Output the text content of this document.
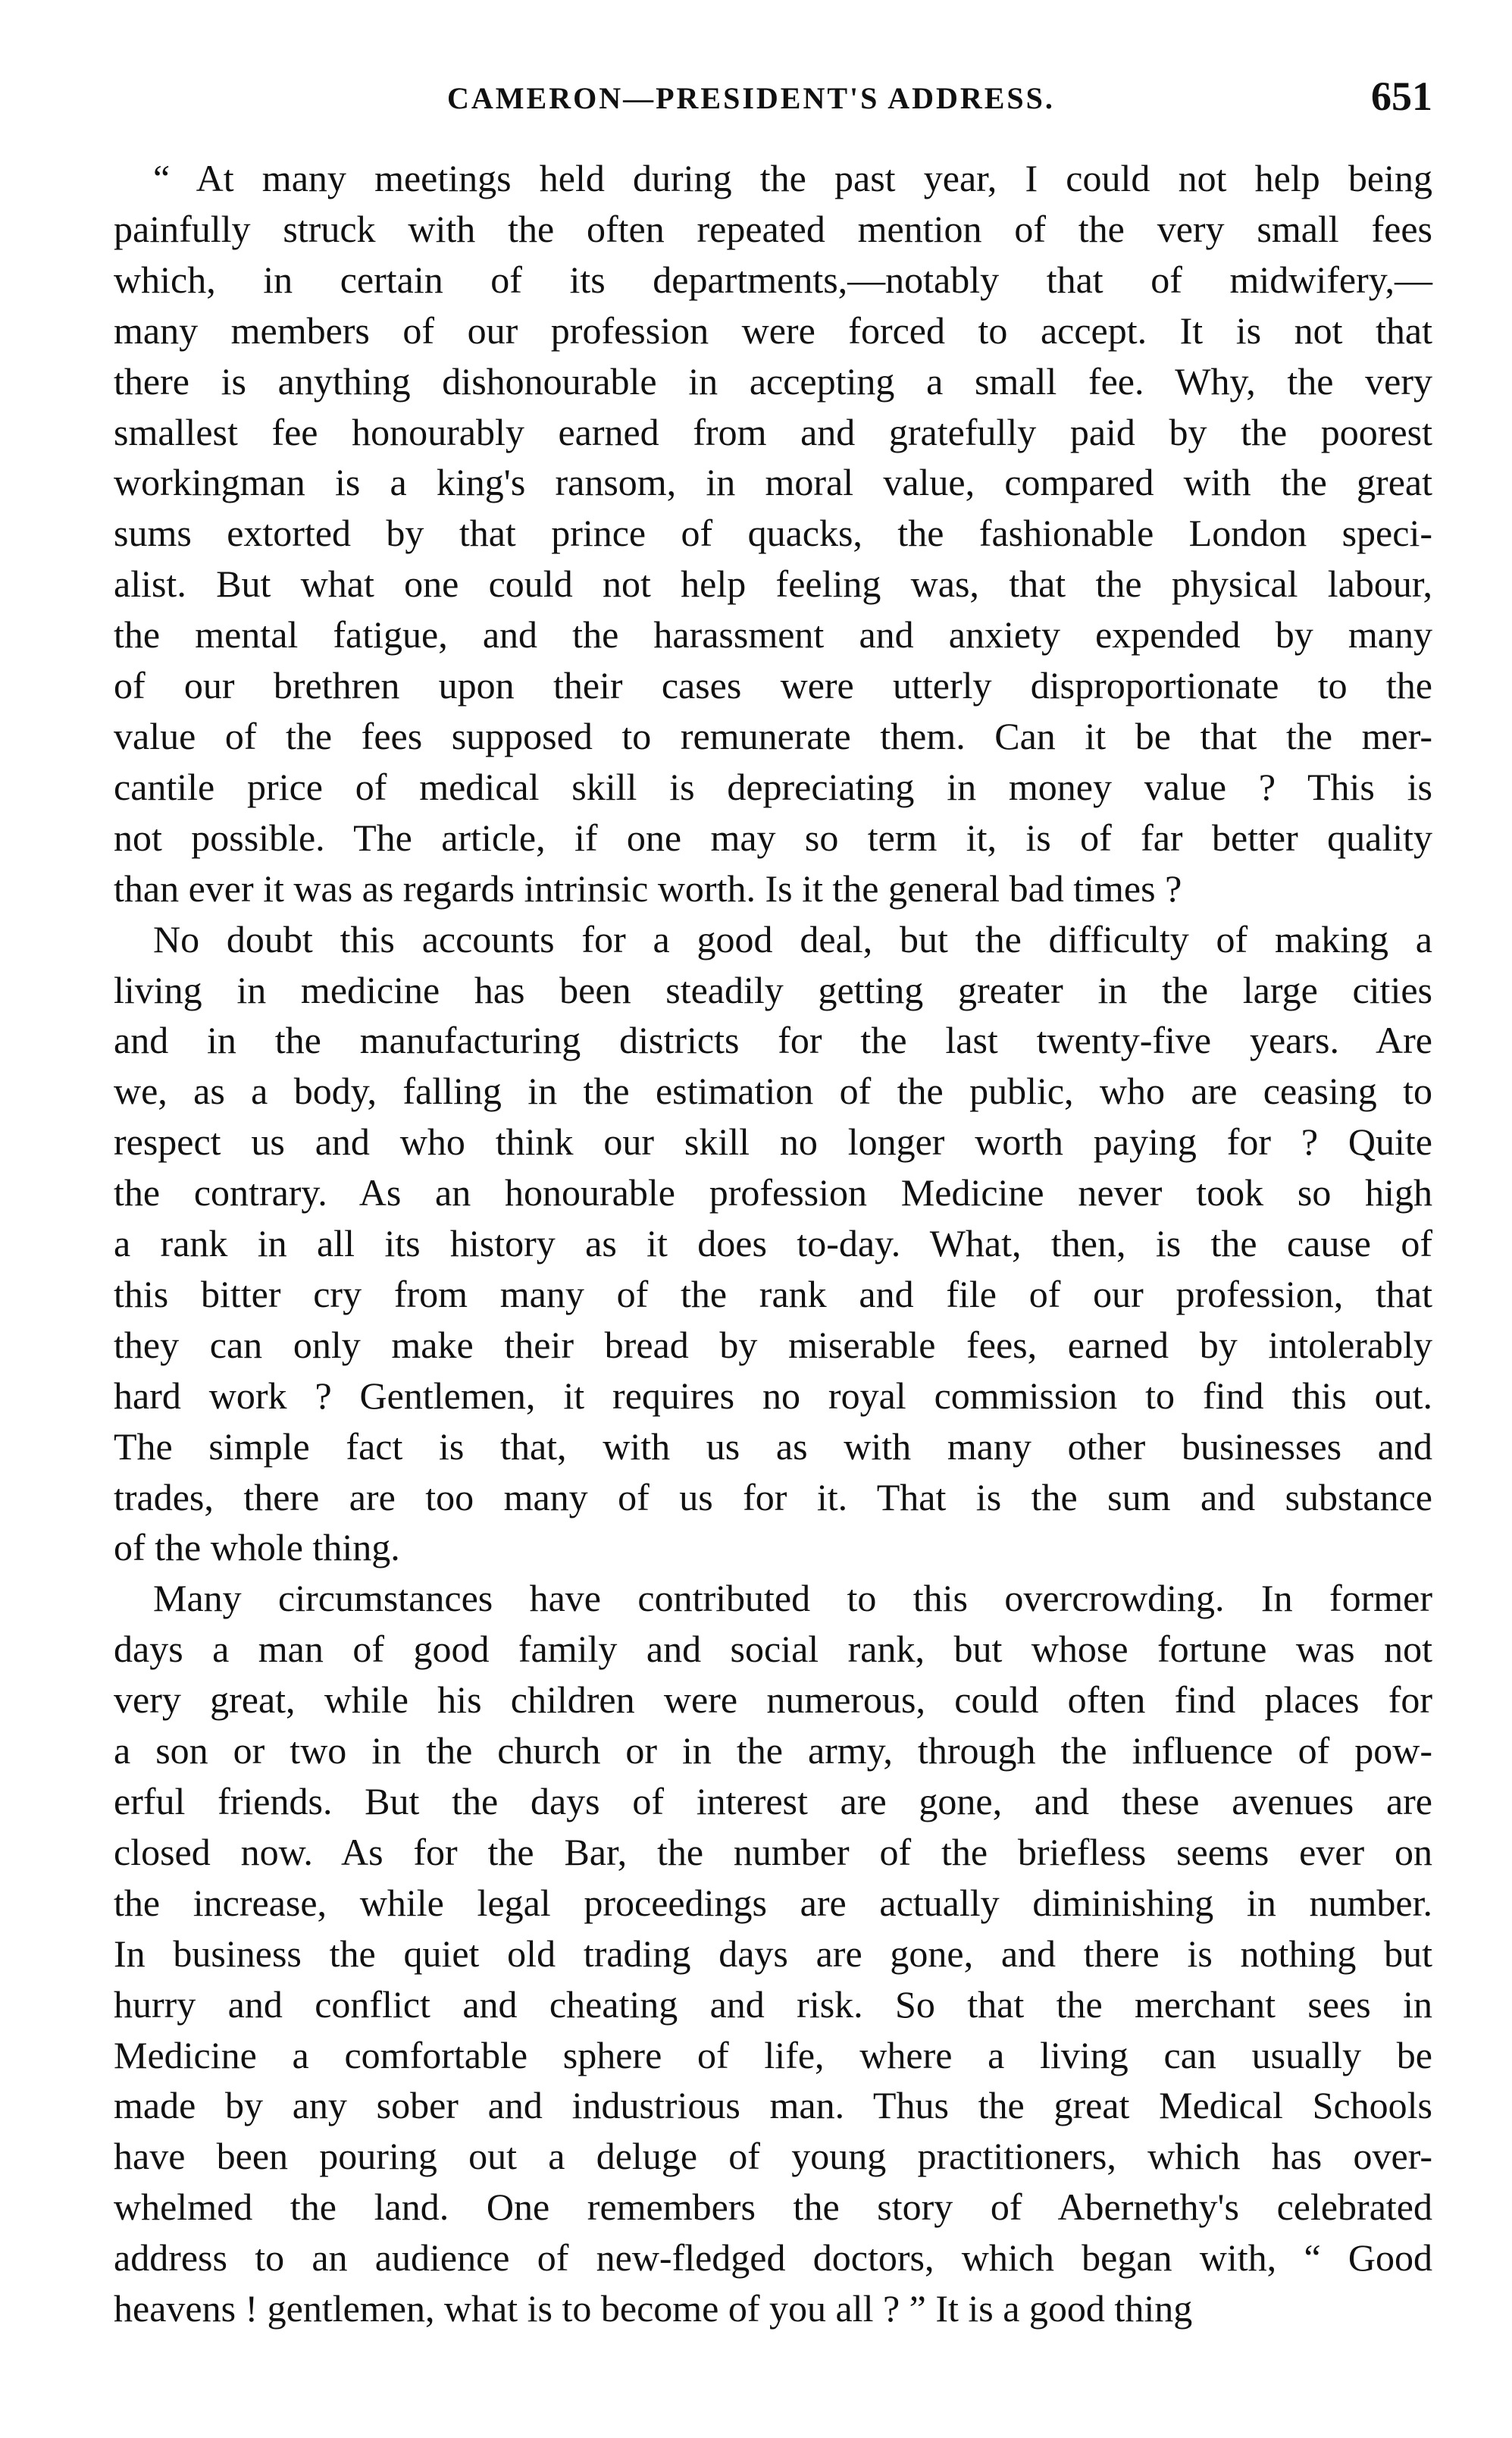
CAMERON—PRESIDENT'S ADDRESS.	651

“ At many meetings held during the past year, I could not help being
painfully struck with the often repeated mention of the very small fees
which, in certain of its departments,—notably that of midwifery,—
many members of our profession were forced to accept. It is not that
there is anything dishonourable in accepting a small fee. Why, the very
smallest fee honourably earned from and gratefully paid by the poorest
workingman is a king's ransom, in moral value, compared with the great
sums extorted by that prince of quacks, the fashionable London speci-
alist. But what one could not help feeling was, that the physical labour,
the mental fatigue, and the harassment and anxiety expended by many
of our brethren upon their cases were utterly disproportionate to the
value of the fees supposed to remunerate them. Can it be that the mer-
cantile price of medical skill is depreciating in money value ? This is
not possible. The article, if one may so term it, is of far better quality
than ever it was as regards intrinsic worth. Is it the general bad times ?

No doubt this accounts for a good deal, but the difficulty of making a
living in medicine has been steadily getting greater in the large cities
and in the manufacturing districts for the last twenty-five years. Are
we, as a body, falling in the estimation of the public, who are ceasing to
respect us and who think our skill no longer worth paying for ? Quite
the contrary. As an honourable profession Medicine never took so high
a rank in all its history as it does to-day. What, then, is the cause of
this bitter cry from many of the rank and file of our profession, that
they can only make their bread by miserable fees, earned by intolerably
hard work ? Gentlemen, it requires no royal commission to find this out.
The simple fact is that, with us as with many other businesses and
trades, there are too many of us for it. That is the sum and substance
of the whole thing.

Many circumstances have contributed to this overcrowding. In former
days a man of good family and social rank, but whose fortune was not
very great, while his children were numerous, could often find places for
a son or two in the church or in the army, through the influence of pow-
erful friends. But the days of interest are gone, and these avenues are
closed now. As for the Bar, the number of the briefless seems ever on
the increase, while legal proceedings are actually diminishing in number.
In business the quiet old trading days are gone, and there is nothing but
hurry and conflict and cheating and risk. So that the merchant sees in
Medicine a comfortable sphere of life, where a living can usually be
made by any sober and industrious man. Thus the great Medical Schools
have been pouring out a deluge of young practitioners, which has over-
whelmed the land. One remembers the story of Abernethy's celebrated
address to an audience of new-fledged doctors, which began with, “ Good
heavens ! gentlemen, what is to become of you all ? ” It is a good thing
